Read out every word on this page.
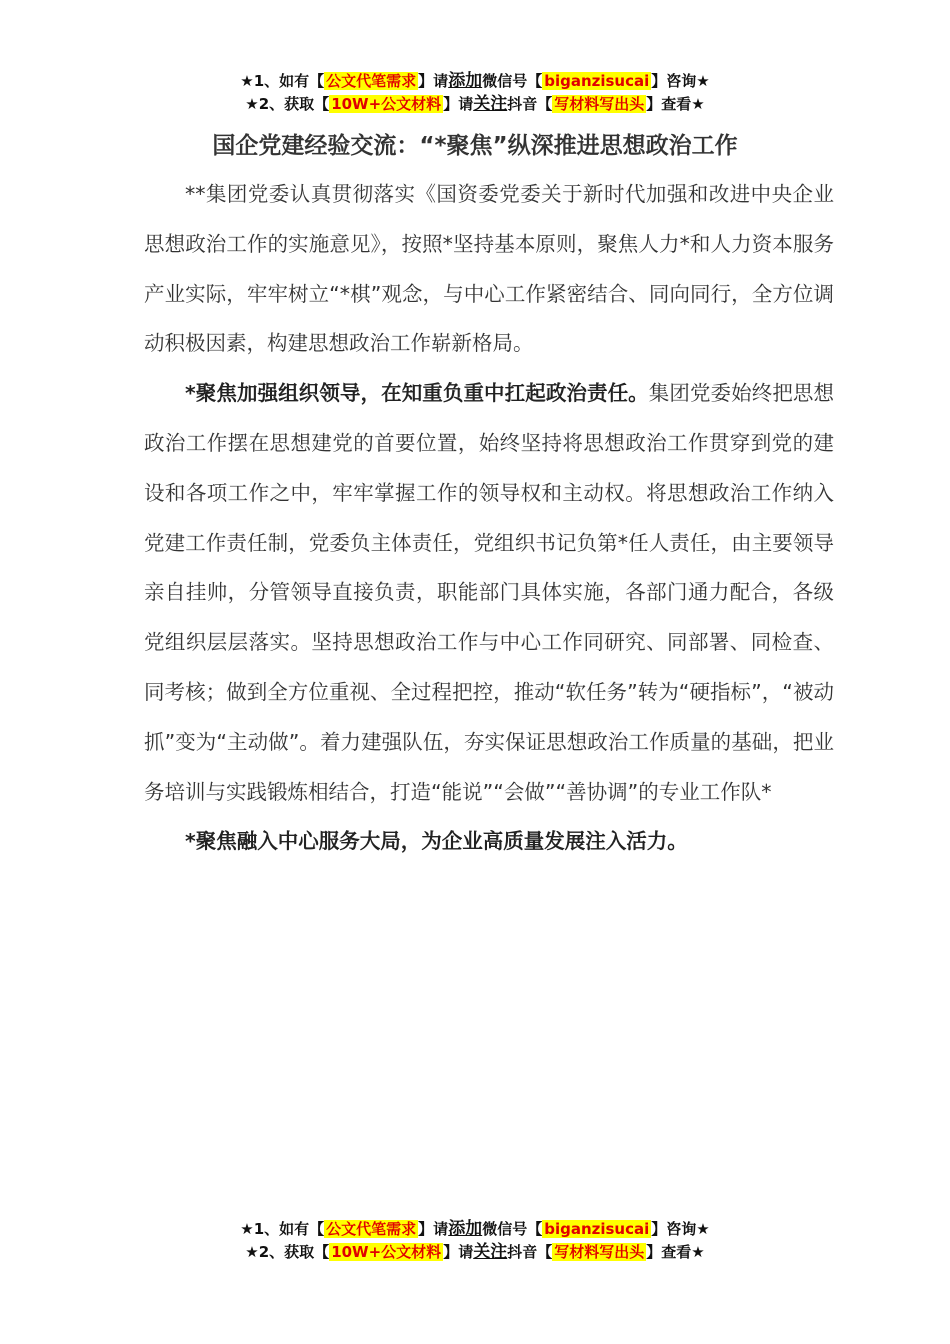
★1、如有【 公文代笔需求 】请添加微信号【 biganzisucai 】咨询★
★2、获取【 10W+公文材料 】请关注抖音【 写材料写出头 】查看★
国企党建经验交流：“*聚焦”纵深推进思想政治工作

**集团党委认真贯彻落实《国资委党委关于新时代加强和改进中央企业思想政治工作的实施意见》，按照*坚持基本原则，聚焦人力*和人力资本服务产业实际，牢牢树立“*棋”观念，与中心工作紧密结合、同向同行，全方位调动积极因素，构建思想政治工作崭新格局。

*聚焦加强组织领导，在知重负重中扛起政治责任。集团党委始终把思想政治工作摆在思想建党的首要位置，始终坚持将思想政治工作贯穿到党的建设和各项工作之中，牢牢掌握工作的领导权和主动权。将思想政治工作纳入党建工作责任制，党委负主体责任，党组织书记负第*任人责任，由主要领导亲自挂帅，分管领导直接负责，职能部门具体实施，各部门通力配合，各级党组织层层落实。坚持思想政治工作与中心工作同研究、同部署、同检查、同考核；做到全方位重视、全过程把控，推动“软任务”转为“硬指标”，“被动抓”变为“主动做”。着力建强队伍，夯实保证思想政治工作质量的基础，把业务培训与实践锻炼相结合，打造“能说”“会做”“善协调”的专业工作队*

*聚焦融入中心服务大局，为企业高质量发展注入活力。

★1、如有【 公文代笔需求 】请添加微信号【 biganzisucai 】咨询★
★2、获取【 10W+公文材料 】请关注抖音【 写材料写出头 】查看★
